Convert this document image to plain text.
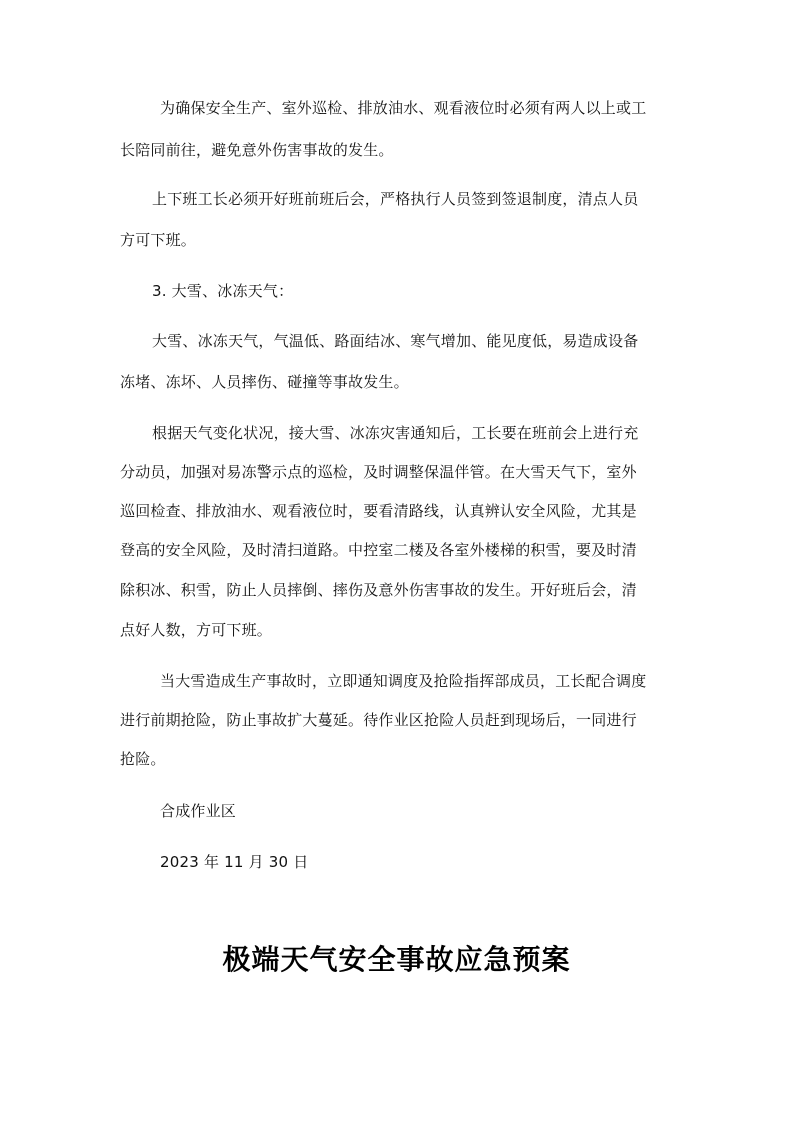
为确保安全生产、室外巡检、排放油水、观看液位时必须有两人以上或工
长陪同前往，避免意外伤害事故的发生。
上下班工长必须开好班前班后会，严格执行人员签到签退制度，清点人员
方可下班。
3. 大雪、冰冻天气：
大雪、冰冻天气，气温低、路面结冰、寒气增加、能见度低，易造成设备
冻堵、冻坏、人员摔伤、碰撞等事故发生。
根据天气变化状况，接大雪、冰冻灾害通知后，工长要在班前会上进行充
分动员，加强对易冻警示点的巡检，及时调整保温伴管。在大雪天气下，室外
巡回检查、排放油水、观看液位时，要看清路线，认真辨认安全风险，尤其是
登高的安全风险，及时清扫道路。中控室二楼及各室外楼梯的积雪，要及时清
除积冰、积雪，防止人员摔倒、摔伤及意外伤害事故的发生。开好班后会，清
点好人数，方可下班。
当大雪造成生产事故时，立即通知调度及抢险指挥部成员，工长配合调度
进行前期抢险，防止事故扩大蔓延。待作业区抢险人员赶到现场后，一同进行
抢险。
合成作业区
2023 年 11 月 30 日
极端天气安全事故应急预案
